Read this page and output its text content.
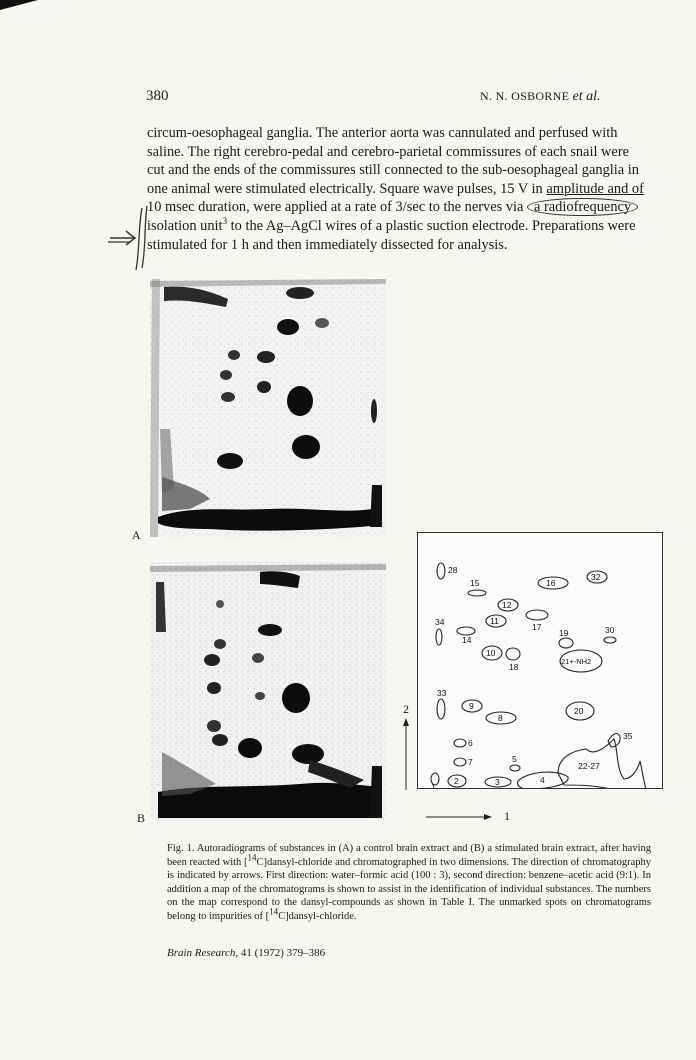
380	N. N. OSBORNE et al.
circum-oesophageal ganglia. The anterior aorta was cannulated and perfused with
saline. The right cerebro-pedal and cerebro-parietal commissures of each snail were
cut and the ends of the commissures still connected to the sub-oesophageal ganglia in
one animal were stimulated electrically. Square wave pulses, 15 V in amplitude and of
10 msec duration, were applied at a rate of 3/sec to the nerves via a radiofrequency
isolation unit$^3$ to the Ag–AgCl wires of a plastic suction electrode. Preparations were
stimulated for 1 h and then immediately dissected for analysis.
A
B
2
1
28
15	16
32
12
11
17
34
14
19	30
10
18
21+-NH2
33
9
8
20
35
6
7	5
22-27
1
2	3	4
Fig. 1. Autoradiograms of substances in (A) a control brain extract and (B) a stimulated brain extract, after having been reacted with [$^{14}$C]dansyl-chloride and chromatographed in two dimensions. The direction of chromatography is indicated by arrows. First direction: water–formic acid (100 : 3), second direction: benzene–acetic acid (9:1). In addition a map of the chromatograms is shown to assist in the identification of individual substances. The numbers on the map correspond to the dansyl-compounds as shown in Table I. The unmarked spots on chromatograms belong to impurities of [$^{14}$C]dansyl-chloride.
Brain Research, 41 (1972) 379–386
